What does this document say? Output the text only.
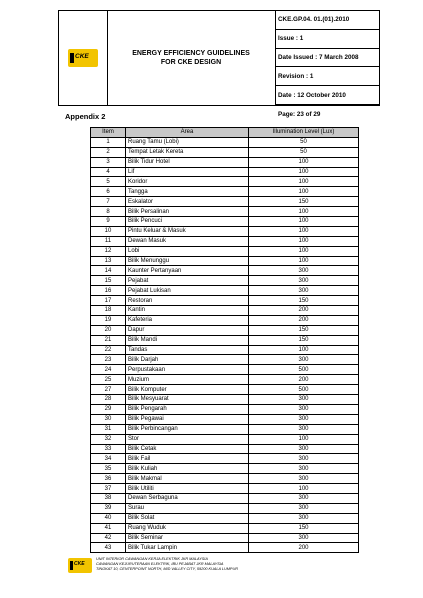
CKE	ENERGY EFFICIENCY GUIDELINES
FOR CKE DESIGN
CKE.GP.04. 01.(01).2010
Issue : 1
Date Issued : 7 March 2008
Revision : 1
Date : 12 October 2010
Page: 23 of 29
Appendix 2
Item	Area	Illumination Level (Lux)
1	Ruang Tamu (Lobi)	50
2	Tempat Letak Kereta	50
3	Bilik Tidur Hotel	100
4	Lif	100
5	Koridor	100
6	Tangga	100
7	Eskalator	150
8	Bilik Persalinan	100
9	Bilik Pencuci	100
10	Pintu Keluar & Masuk	100
11	Dewan Masuk	100
12	Lobi	100
13	Bilik Menunggu	100
14	Kaunter Pertanyaan	300
15	Pejabat	300
16	Pejabat Lukisan	300
17	Restoran	150
18	Kantin	200
19	Kafeteria	200
20	Dapur	150
21	Bilik Mandi	150
22	Tandas	100
23	Bilik Darjah	300
24	Perpustakaan	500
25	Muzium	200
27	Bilik Komputer	500
28	Bilik Mesyuarat	300
29	Bilik Pengarah	300
30	Bilik Pegawai	300
31	Bilik Perbincangan	300
32	Stor	100
33	Bilik Cetak	300
34	Bilik Fail	300
35	Bilik Kuliah	300
36	Bilik Makmal	300
37	Bilik Utiliti	100
38	Dewan Serbaguna	300
39	Surau	300
40	Bilik Solat	300
41	Ruang Wuduk	150
42	Bilik Seminar	300
43	Bilik Tukar Lampin	200
CKE
UNIT INTERIOR CAWANGAN KERJA ELEKTRIK JKR MALAYSIA
CAWANGAN KEJURUTERAAN ELEKTRIK, IBU PEJABAT JKR MALAYSIA
TINGKAT 10, CENTERPOINT NORTH, MID VALLEY CITY, 59200 KUALA LUMPUR
